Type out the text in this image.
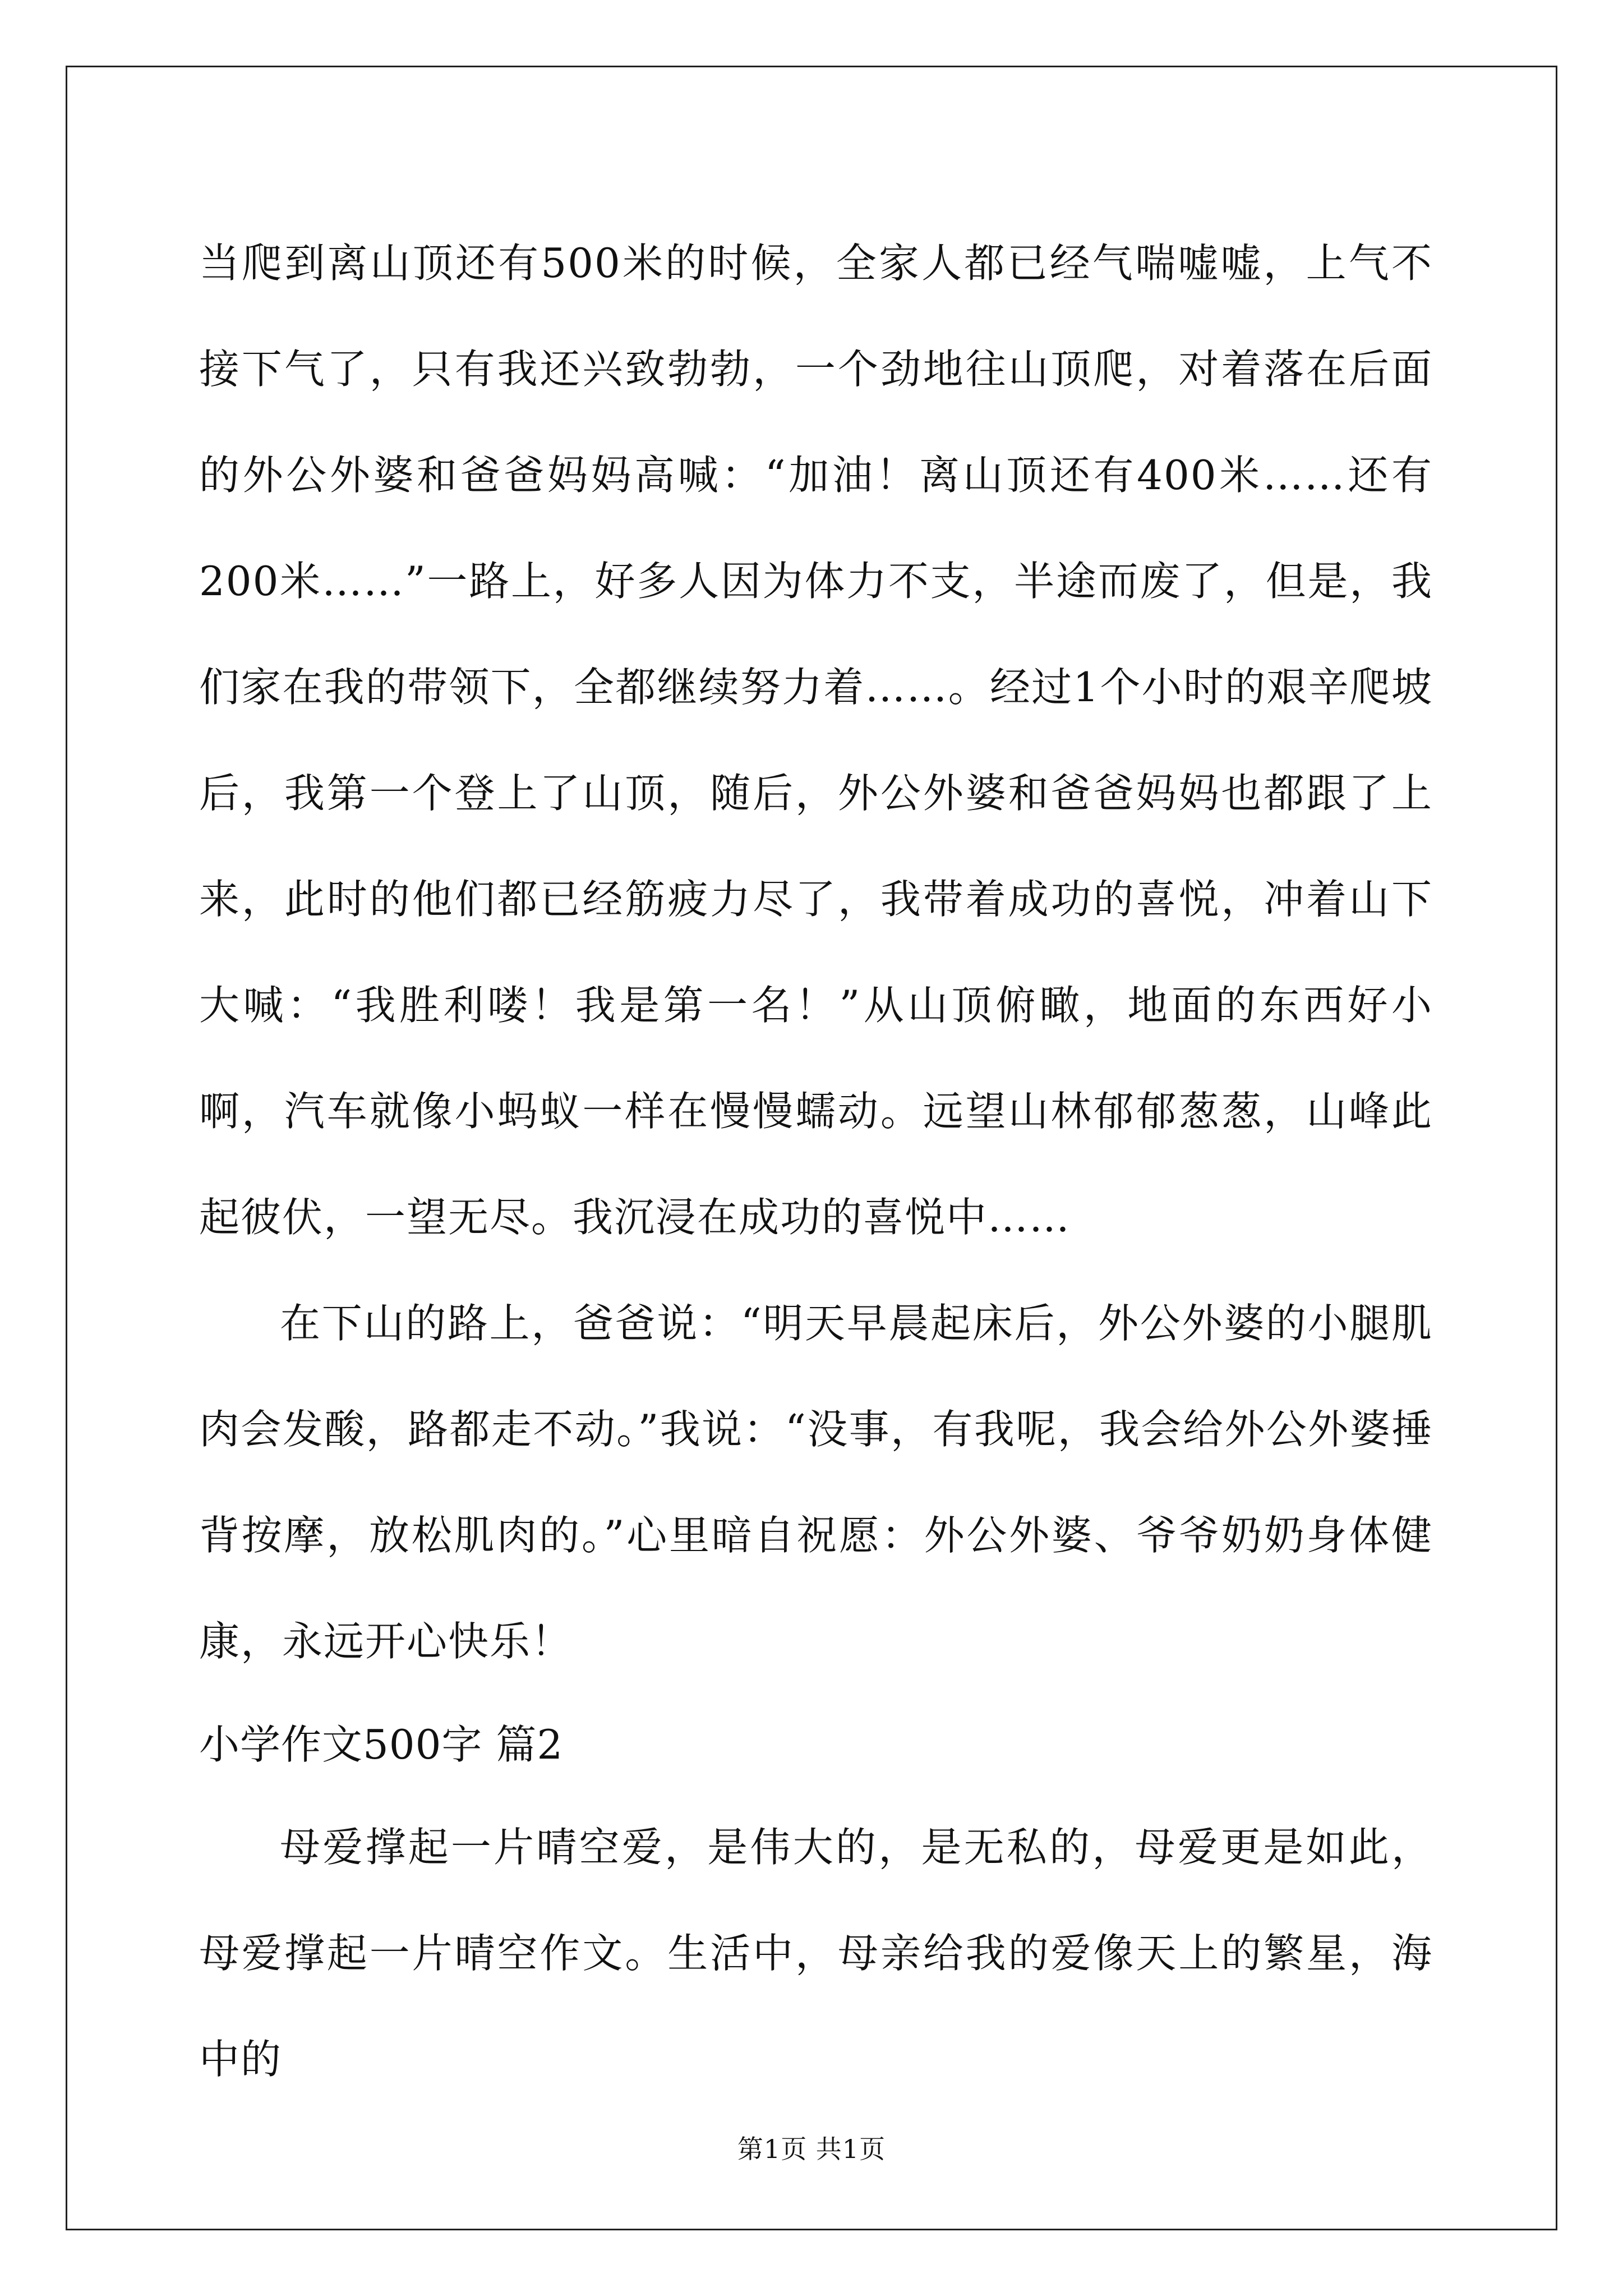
当爬到离山顶还有500米的时候，全家人都已经气喘嘘嘘，上气不接下气了，只有我还兴致勃勃，一个劲地往山顶爬，对着落在后面的外公外婆和爸爸妈妈高喊：“加油！离山顶还有400米……还有200米……”一路上，好多人因为体力不支，半途而废了，但是，我们家在我的带领下，全都继续努力着……。经过1个小时的艰辛爬坡后，我第一个登上了山顶，随后，外公外婆和爸爸妈妈也都跟了上来，此时的他们都已经筋疲力尽了，我带着成功的喜悦，冲着山下大喊：“我胜利喽！我是第一名！”从山顶俯瞰，地面的东西好小啊，汽车就像小蚂蚁一样在慢慢蠕动。远望山林郁郁葱葱，山峰此起彼伏，一望无尽。我沉浸在成功的喜悦中……

在下山的路上，爸爸说：“明天早晨起床后，外公外婆的小腿肌肉会发酸，路都走不动。”我说：“没事，有我呢，我会给外公外婆捶背按摩，放松肌肉的。”心里暗自祝愿：外公外婆、爷爷奶奶身体健康，永远开心快乐！

小学作文500字 篇2

母爱撑起一片晴空爱，是伟大的，是无私的，母爱更是如此，母爱撑起一片晴空作文。生活中，母亲给我的爱像天上的繁星，海中的

第1页 共1页
